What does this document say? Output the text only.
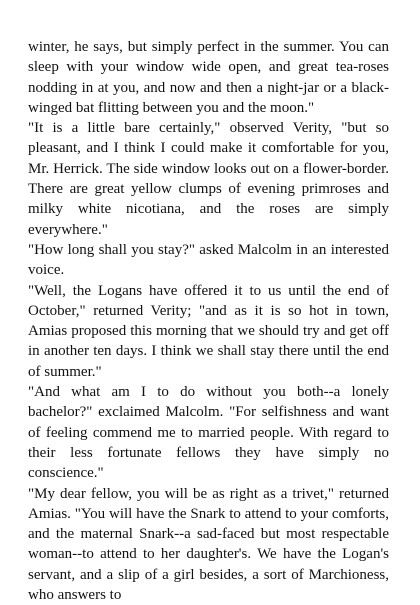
winter, he says, but simply perfect in the summer. You can sleep with your window wide open, and great tea-roses nodding in at you, and now and then a night-jar or a black-winged bat flitting between you and the moon."

"It is a little bare certainly," observed Verity, "but so pleasant, and I think I could make it comfortable for you, Mr. Herrick. The side window looks out on a flower-border. There are great yellow clumps of evening primroses and milky white nicotiana, and the roses are simply everywhere."

"How long shall you stay?" asked Malcolm in an interested voice.

"Well, the Logans have offered it to us until the end of October," returned Verity; "and as it is so hot in town, Amias proposed this morning that we should try and get off in another ten days. I think we shall stay there until the end of summer."

"And what am I to do without you both--a lonely bachelor?" exclaimed Malcolm. "For selfishness and want of feeling commend me to married people. With regard to their less fortunate fellows they have simply no conscience."

"My dear fellow, you will be as right as a trivet," returned Amias. "You will have the Snark to attend to your comforts, and the maternal Snark--a sad-faced but most respectable woman--to attend to her daughter's. We have the Logan's servant, and a slip of a girl besides, a sort of Marchioness, who answers to
